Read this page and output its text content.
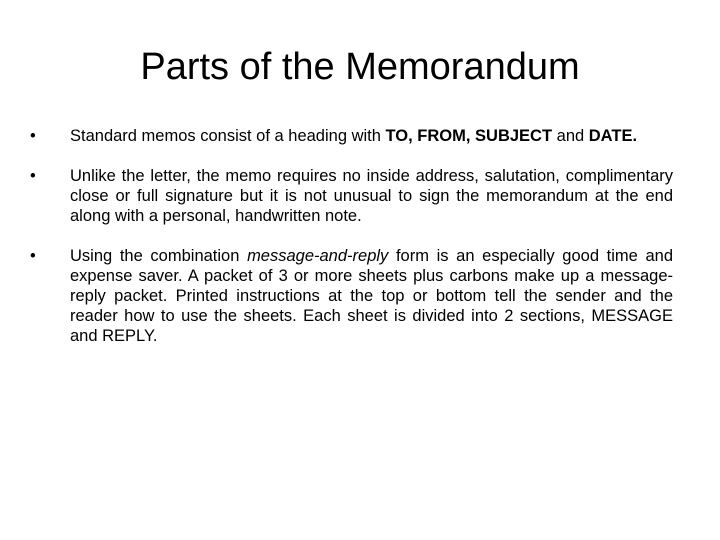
Parts of the Memorandum
•	Standard memos consist of a heading with TO, FROM, SUBJECT and DATE.
•	Unlike the letter, the memo requires no inside address, salutation, complimentary close or full signature but it is not unusual to sign the memorandum at the end along with a personal, handwritten note.
•	Using the combination message-and-reply form is an especially good time and expense saver. A packet of 3 or more sheets plus carbons make up a message-reply packet. Printed instructions at the top or bottom tell the sender and the reader how to use the sheets. Each sheet is divided into 2 sections, MESSAGE and REPLY.
